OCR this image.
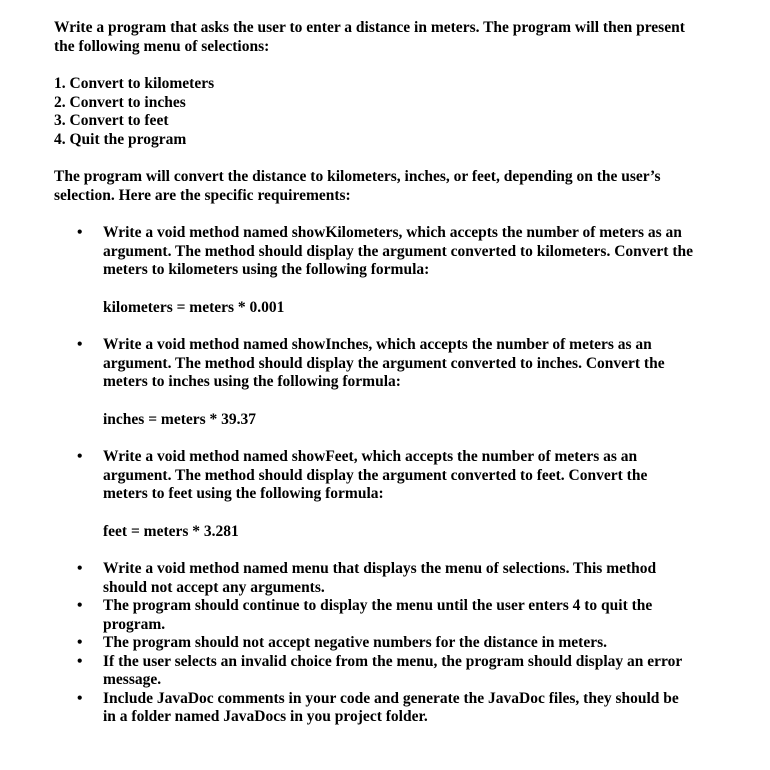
Write a program that asks the user to enter a distance in meters. The program will then present the following menu of selections:

1. Convert to kilometers
2. Convert to inches
3. Convert to feet
4. Quit the program

The program will convert the distance to kilometers, inches, or feet, depending on the user’s selection. Here are the specific requirements:

• Write a void method named showKilometers, which accepts the number of meters as an argument. The method should display the argument converted to kilometers. Convert the meters to kilometers using the following formula:
kilometers = meters * 0.001
• Write a void method named showInches, which accepts the number of meters as an argument. The method should display the argument converted to inches. Convert the meters to inches using the following formula:
inches = meters * 39.37
• Write a void method named showFeet, which accepts the number of meters as an argument. The method should display the argument converted to feet. Convert the meters to feet using the following formula:
feet = meters * 3.281
• Write a void method named menu that displays the menu of selections. This method should not accept any arguments.
• The program should continue to display the menu until the user enters 4 to quit the program.
• The program should not accept negative numbers for the distance in meters.
• If the user selects an invalid choice from the menu, the program should display an error message.
• Include JavaDoc comments in your code and generate the JavaDoc files, they should be in a folder named JavaDocs in you project folder.
